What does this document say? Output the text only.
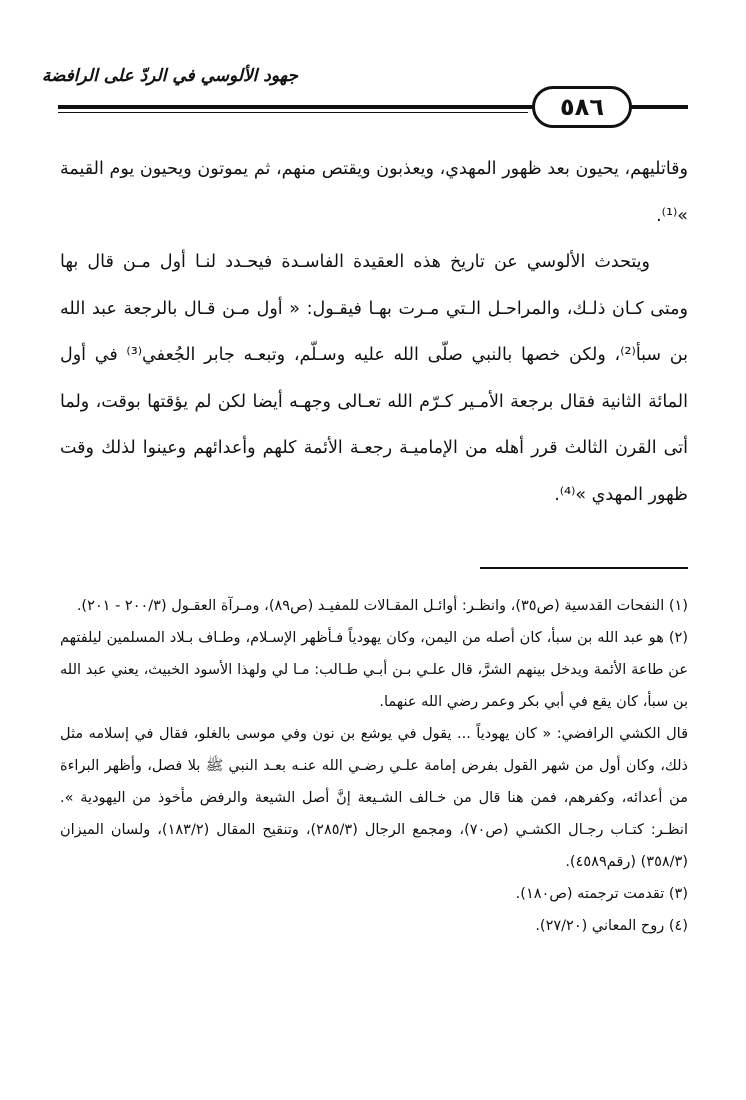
جهود الألوسي في الردّ على الرافضة
٥٨٦

وقاتليهم، يحيون بعد ظهور المهدي، ويعذبون ويقتص منهم، ثم يموتون ويحيون يوم القيمة »⁽¹⁾.

ويتحدث الألوسي عن تاريخ هذه العقيدة الفاسـدة فيحـدد لنـا أول مـن قال بها ومتى كـان ذلـك، والمراحـل الـتي مـرت بهـا فيقـول: « أول مـن قـال بالرجعة عبد الله بن سبأ⁽²⁾، ولكن خصها بالنبي صلّى الله عليه وسـلّم، وتبعـه جابر الجُعفي⁽³⁾ في أول المائة الثانية فقال برجعة الأمـير كـرّم الله تعـالى وجهـه أيضا لكن لم يؤقتها بوقت، ولما أتى القرن الثالث قرر أهله من الإماميـة رجعـة الأئمة كلهم وأعدائهم وعينوا لذلك وقت ظهور المهدي »⁽⁴⁾.

(١) النفحات القدسية (ص٣٥)، وانظـر: أوائـل المقـالات للمفيـد (ص٨٩)، ومـرآة العقـول (٢٠٠/٣ - ٢٠١).

(٢) هو عبد الله بن سبأ، كان أصله من اليمن، وكان يهودياً فـأظهر الإسـلام، وطـاف بـلاد المسلمين ليلفتهم عن طاعة الأئمة ويدخل بينهم الشرَّ، قال علـي بـن أبـي طـالب: مـا لي ولهذا الأسود الخبيث، يعني عبد الله بن سبأ، كان يقع في أبي بكر وعمر رضي الله عنهما.

قال الكشي الرافضي: « كان يهودياً ... يقول في يوشع بن نون وفي موسى بالغلو، فقال في إسلامه مثل ذلك، وكان أول من شهر القول بفرض إمامة علـي رضـي الله عنـه بعـد النبي ﷺ بلا فصل، وأظهر البراءة من أعدائه، وكفرهم، فمن هنا قال من خـالف الشـيعة إنَّ أصل الشيعة والرفض مأخوذ من اليهودية ». انظـر: كتـاب رجـال الكشـي (ص٧٠)، ومجمع الرجال (٢٨٥/٣)، وتنقيح المقال (١٨٣/٢)، ولسان الميزان (٣٥٨/٣) (رقم٤٥٨٩).

(٣) تقدمت ترجمته (ص١٨٠).

(٤) روح المعاني (٢٧/٢٠).
